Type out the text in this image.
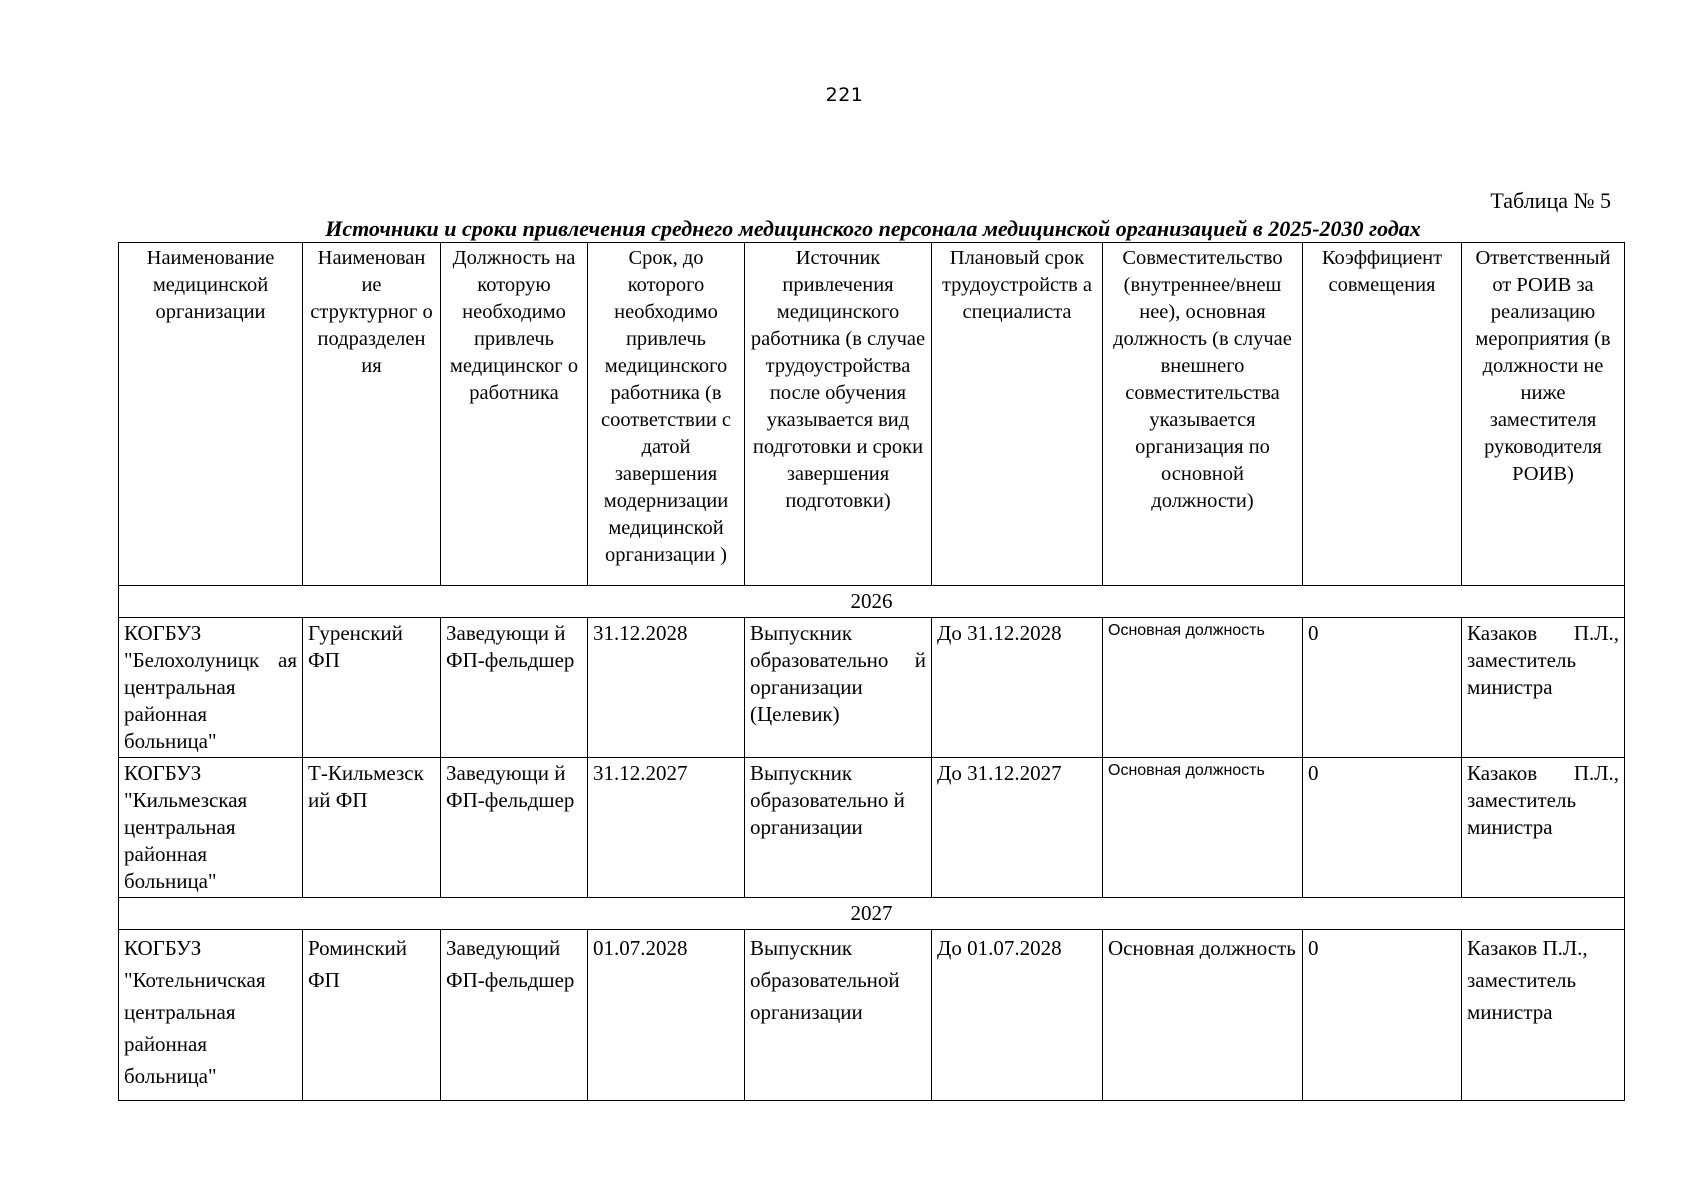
221
Таблица № 5
Источники и сроки привлечения среднего медицинского персонала медицинской организацией в 2025-2030 годах
Наименование медицинской организации	Наименован ие структурног о подразделен ия	Должность на которую необходимо привлечь медицинског о работника	Срок, до которого необходимо привлечь медицинского работника (в соответствии с датой завершения модернизации медицинской организации )	Источник привлечения медицинского работника (в случае трудоустройства после обучения указывается вид подготовки и сроки завершения подготовки)	Плановый срок трудоустройств а специалиста	Совместительство (внутреннее/внеш нее), основная должность (в случае внешнего совместительства указывается организация по основной должности)	Коэффициент совмещения	Ответственный от РОИВ за реализацию мероприятия (в должности не ниже заместителя руководителя РОИВ)
2026								
КОГБУЗ "Белохолуницк ая центральная районная больница"	Гуренский ФП	Заведующи й ФП-фельдшер	31.12.2028	Выпускник образовательно й организации (Целевик)	До 31.12.2028	Основная должность	0	Казаков П.Л., заместитель министра
КОГБУЗ "Кильмезская центральная районная больница"	Т-Кильмезск ий ФП	Заведующи й ФП-фельдшер	31.12.2027	Выпускник образовательно й организации	До 31.12.2027	Основная должность	0	Казаков П.Л., заместитель министра
2027								
КОГБУЗ "Котельничская центральная районная больница"	Роминский ФП	Заведующий ФП-фельдшер	01.07.2028	Выпускник образовательной организации	До 01.07.2028	Основная должность	0	Казаков П.Л., заместитель министра
